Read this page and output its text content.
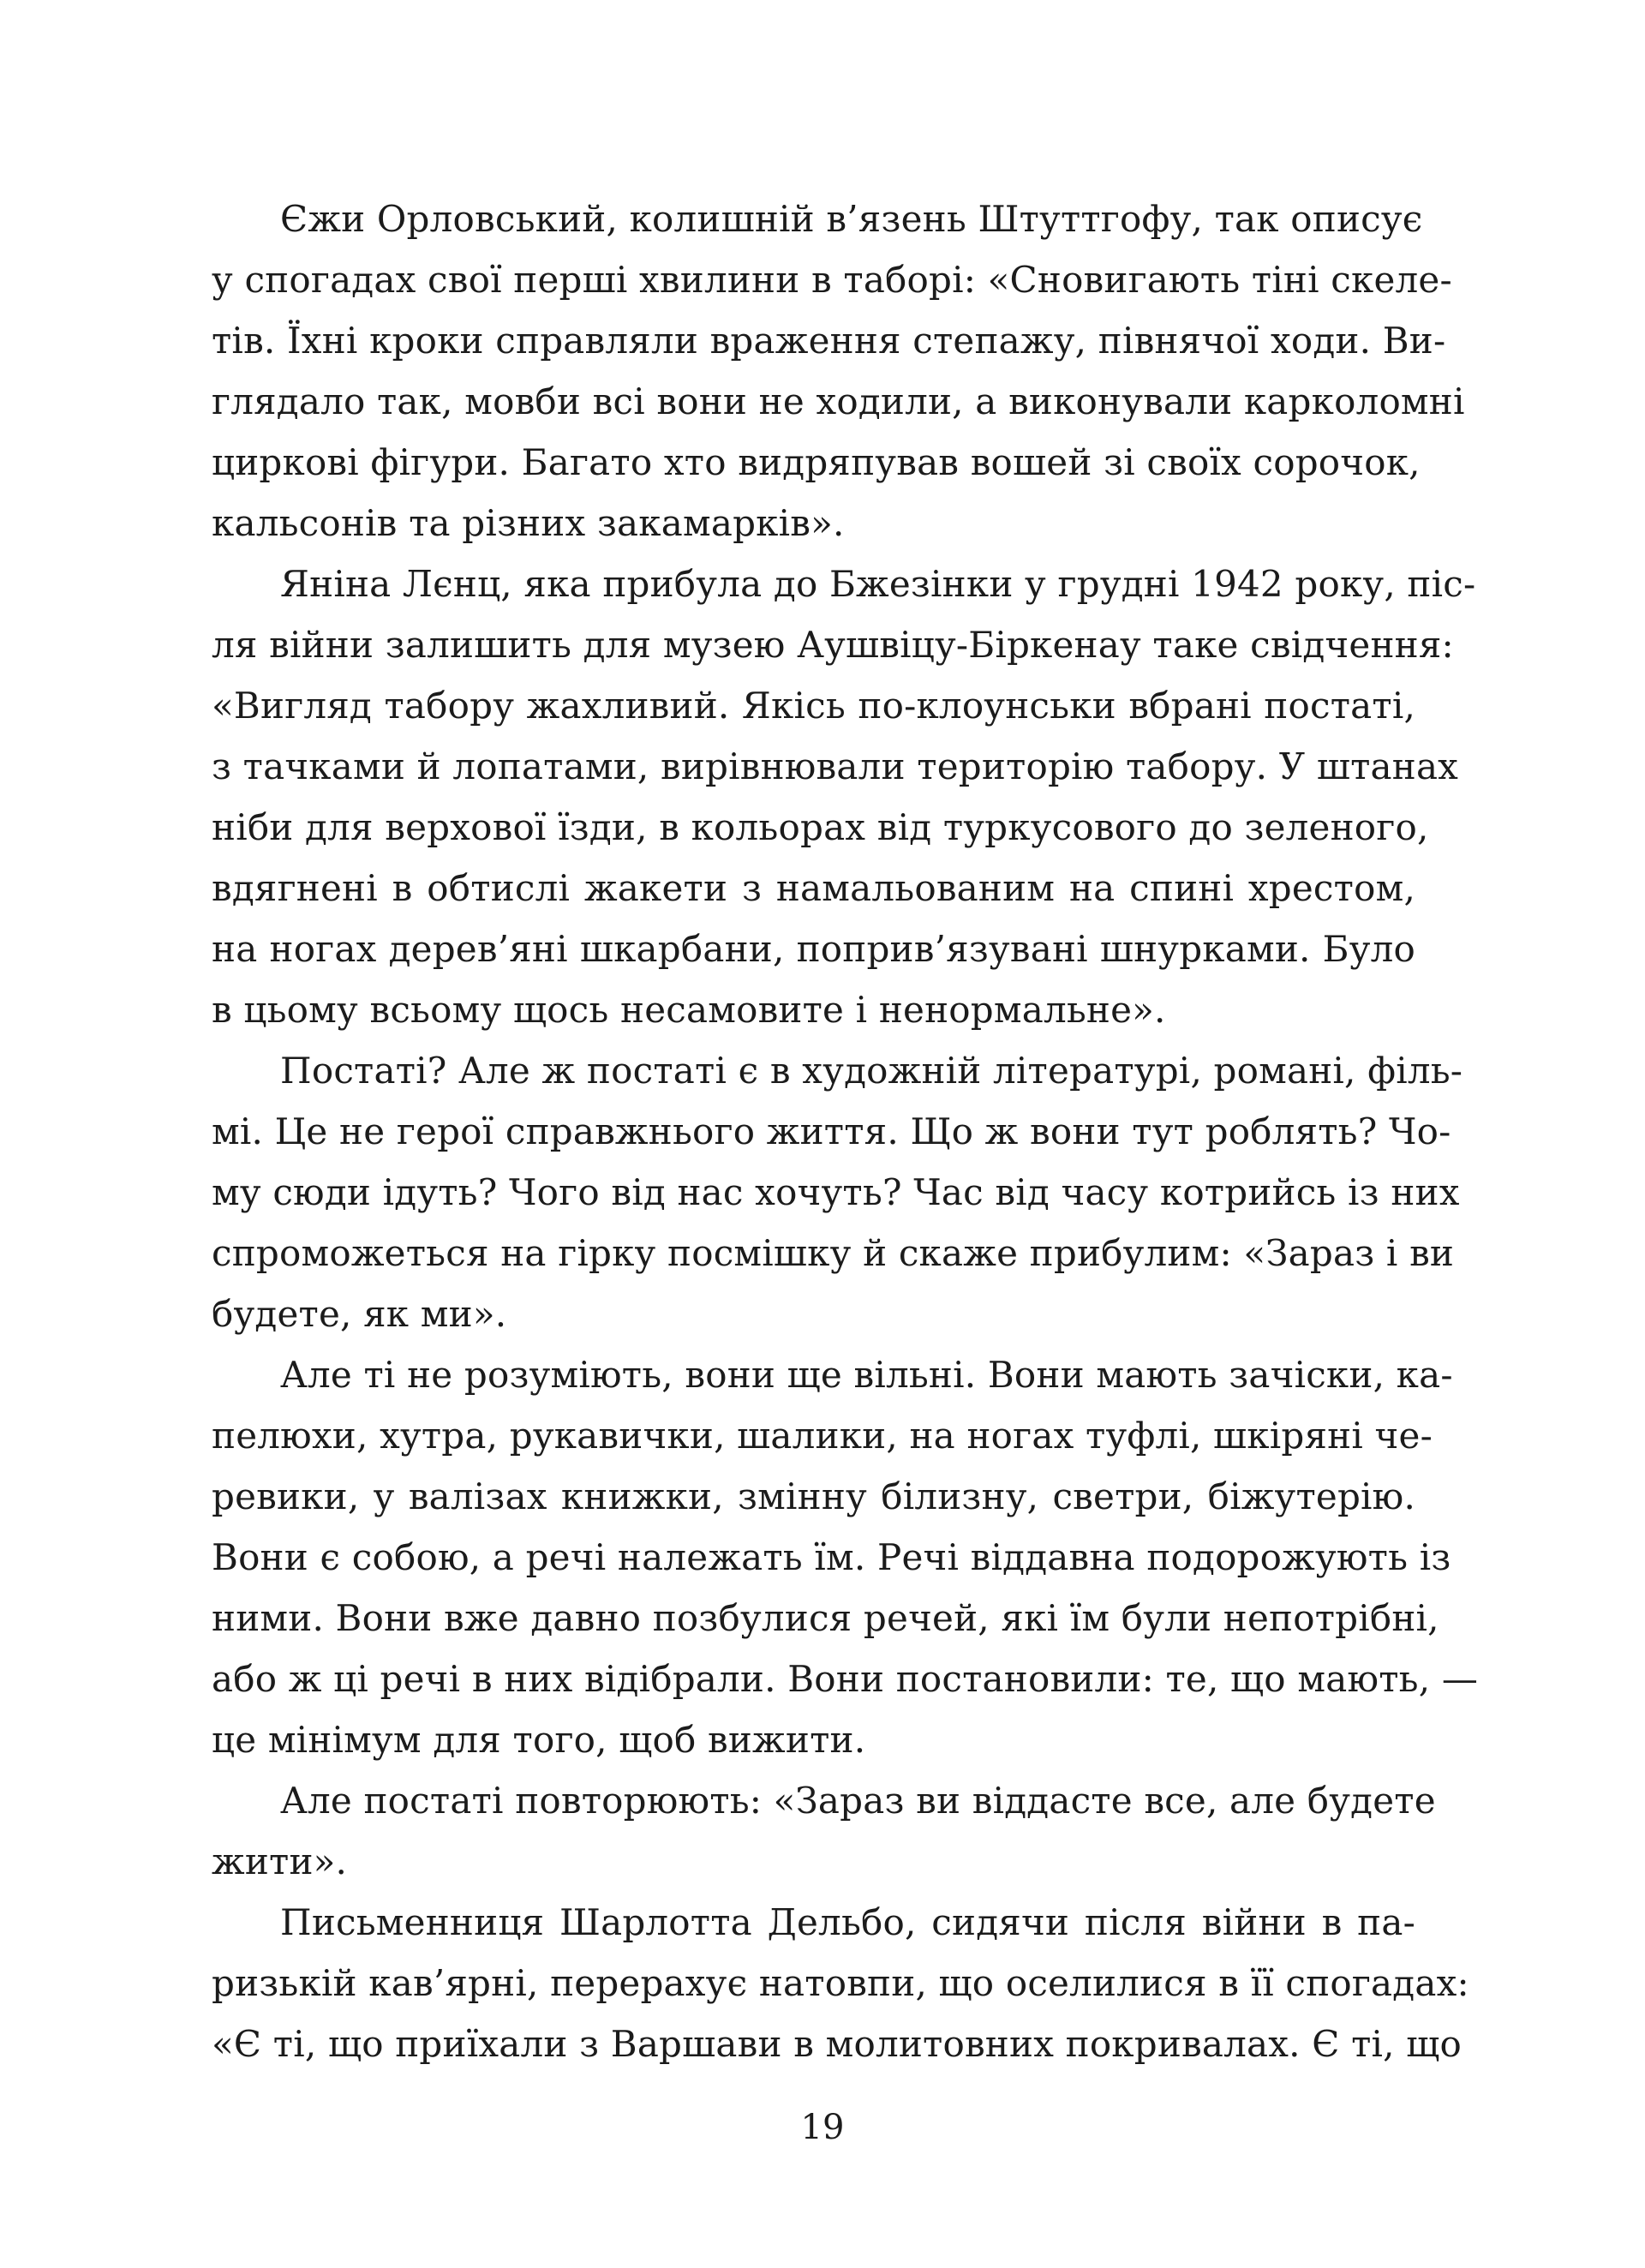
Єжи Орловський, колишній в’язень Штуттгофу, так описує
у спогадах свої перші хвилини в таборі: «Сновигають тіні скеле-
тів. Їхні кроки справляли враження степажу, півнячої ходи. Ви-
глядало так, мовби всі вони не ходили, а виконували карколомні
циркові фігури. Багато хто видряпував вошей зі своїх сорочок,
кальсонів та різних закамарків».
Яніна Лєнц, яка прибула до Бжезінки у грудні 1942 року, піс-
ля війни залишить для музею Аушвіцу-Біркенау таке свідчення:
«Вигляд табору жахливий. Якісь по-клоунськи вбрані постаті,
з тачками й лопатами, вирівнювали територію табору. У штанах
ніби для верхової їзди, в кольорах від туркусового до зеленого,
вдягнені в обтислі жакети з намальованим на спині хрестом,
на ногах дерев’яні шкарбани, поприв’язувані шнурками. Було
в цьому всьому щось несамовите і ненормальне».
Постаті? Але ж постаті є в художній літературі, романі, філь-
мі. Це не герої справжнього життя. Що ж вони тут роблять? Чо-
му сюди ідуть? Чого від нас хочуть? Час від часу котрийсь із них
спроможеться на гірку посмішку й скаже прибулим: «Зараз і ви
будете, як ми».
Але ті не розуміють, вони ще вільні. Вони мають зачіски, ка-
пелюхи, хутра, рукавички, шалики, на ногах туфлі, шкіряні че-
ревики, у валізах книжки, змінну білизну, светри, біжутерію.
Вони є собою, а речі належать їм. Речі віддавна подорожують із
ними. Вони вже давно позбулися речей, які їм були непотрібні,
або ж ці речі в них відібрали. Вони постановили: те, що мають, —
це мінімум для того, щоб вижити.
Але постаті повторюють: «Зараз ви віддасте все, але будете
жити».
Письменниця Шарлотта Дельбо, сидячи після війни в па-
ризькій кав’ярні, перерахує натовпи, що оселилися в її спогадах:
«Є ті, що приїхали з Варшави в молитовних покривалах. Є ті, що
19
